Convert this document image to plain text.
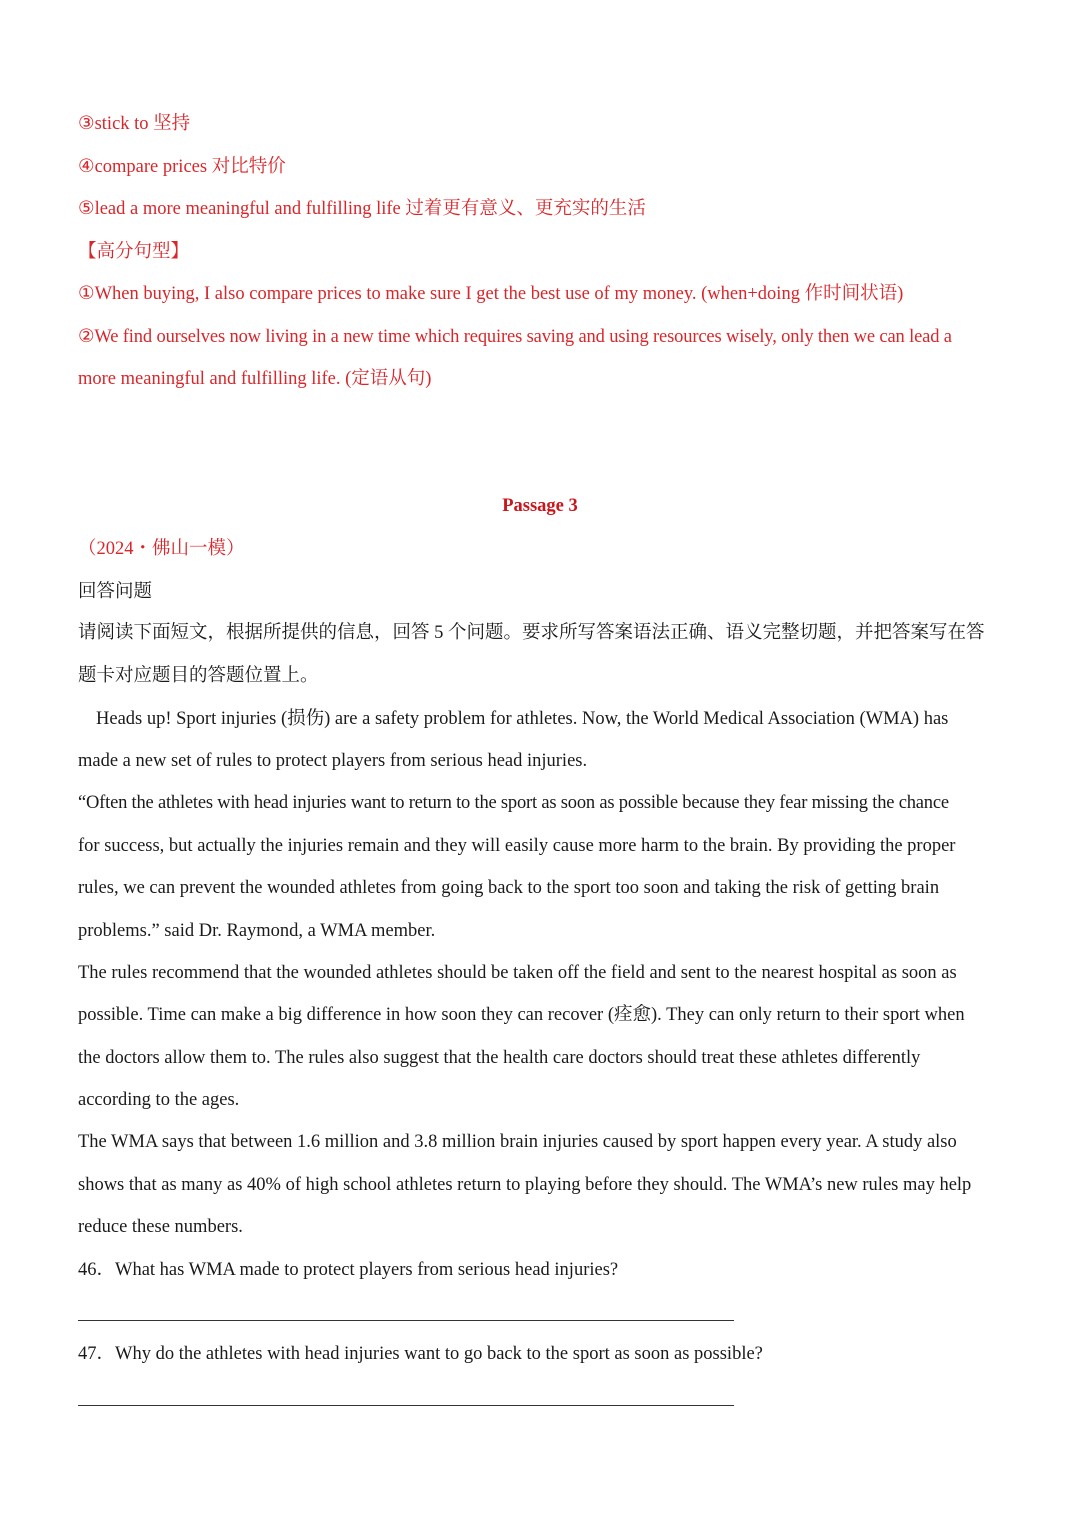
③stick to 坚持
④compare prices 对比特价
⑤lead a more meaningful and fulfilling life 过着更有意义、更充实的生活
【高分句型】
①When buying, I also compare prices to make sure I get the best use of my money. (when+doing 作时间状语)
②We find ourselves now living in a new time which requires saving and using resources wisely, only then we can lead a
more meaningful and fulfilling life. (定语从句)
Passage 3
（2024・佛山一模）
回答问题
请阅读下面短文，根据所提供的信息，回答 5 个问题。要求所写答案语法正确、语义完整切题，并把答案写在答
题卡对应题目的答题位置上。
Heads up! Sport injuries (损伤) are a safety problem for athletes. Now, the World Medical Association (WMA) has
made a new set of rules to protect players from serious head injuries.
“Often the athletes with head injuries want to return to the sport as soon as possible because they fear missing the chance
for success, but actually the injuries remain and they will easily cause more harm to the brain. By providing the proper
rules, we can prevent the wounded athletes from going back to the sport too soon and taking the risk of getting brain
problems.” said Dr. Raymond, a WMA member.
The rules recommend that the wounded athletes should be taken off the field and sent to the nearest hospital as soon as
possible. Time can make a big difference in how soon they can recover (痊愈). They can only return to their sport when
the doctors allow them to. The rules also suggest that the health care doctors should treat these athletes differently
according to the ages.
The WMA says that between 1.6 million and 3.8 million brain injuries caused by sport happen every year. A study also
shows that as many as 40% of high school athletes return to playing before they should. The WMA’s new rules may help
reduce these numbers.
46．What has WMA made to protect players from serious head injuries?
47．Why do the athletes with head injuries want to go back to the sport as soon as possible?
